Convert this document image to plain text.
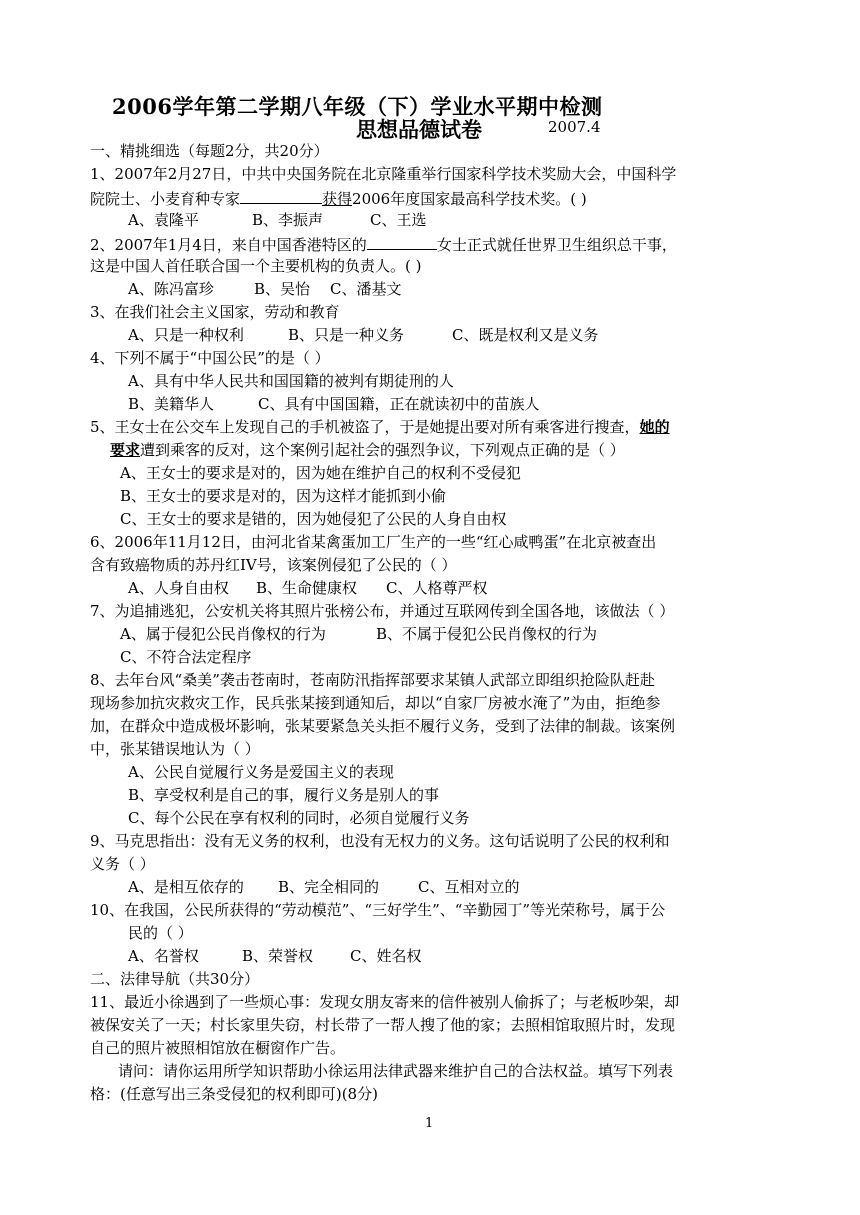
2006学年第二学期八年级（下）学业水平期中检测
思想品德试卷	2007.4
一、精挑细选（每题2分，共20分）
1、2007年2月27日，中共中央国务院在北京隆重举行国家科学技术奖励大会，中国科学
院院士、小麦育种专家	获得2006年度国家最高科学技术奖。( )
A、袁隆平	B、李振声	C、王选
2、2007年1月4日，来自中国香港特区的	女士正式就任世界卫生组织总干事，
这是中国人首任联合国一个主要机构的负责人。( )
A、陈冯富珍	B、吴怡 C、潘基文
3、在我们社会主义国家，劳动和教育
A、只是一种权利	B、只是一种义务	C、既是权利又是义务
4、下列不属于“中国公民”的是（ ）
A、具有中华人民共和国国籍的被判有期徒刑的人
B、美籍华人	C、具有中国国籍，正在就读初中的苗族人
5、王女士在公交车上发现自己的手机被盗了，于是她提出要对所有乘客进行搜查，她的
要求遭到乘客的反对，这个案例引起社会的强烈争议，下列观点正确的是（ ）
A、王女士的要求是对的，因为她在维护自己的权利不受侵犯
B、王女士的要求是对的，因为这样才能抓到小偷
C、王女士的要求是错的，因为她侵犯了公民的人身自由权
6、2006年11月12日，由河北省某禽蛋加工厂生产的一些“红心咸鸭蛋”在北京被查出
含有致癌物质的苏丹红IV号，该案例侵犯了公民的（ ）
A、人身自由权 B、生命健康权 C、人格尊严权
7、为追捕逃犯，公安机关将其照片张榜公布，并通过互联网传到全国各地，该做法（ ）
A、属于侵犯公民肖像权的行为	B、不属于侵犯公民肖像权的行为
C、不符合法定程序
8、去年台风“桑美”袭击苍南时，苍南防汛指挥部要求某镇人武部立即组织抢险队赶赴
现场参加抗灾救灾工作，民兵张某接到通知后，却以“自家厂房被水淹了”为由，拒绝参
加，在群众中造成极坏影响，张某要紧急关头拒不履行义务，受到了法律的制裁。该案例
中，张某错误地认为（ ）
A、公民自觉履行义务是爱国主义的表现
B、享受权利是自己的事，履行义务是别人的事
C、每个公民在享有权利的同时，必须自觉履行义务
9、马克思指出：没有无义务的权利，也没有无权力的义务。这句话说明了公民的权利和
义务（ ）
A、是相互依存的 B、完全相同的	C、互相对立的
10、在我国，公民所获得的“劳动模范”、“三好学生”、“辛勤园丁”等光荣称号，属于公
民的（ ）
A、名誉权	B、荣誉权 C、姓名权
二、法律导航（共30分）
11、最近小徐遇到了一些烦心事：发现女朋友寄来的信件被别人偷拆了；与老板吵架，却
被保安关了一天；村长家里失窃，村长带了一帮人搜了他的家；去照相馆取照片时，发现
自己的照片被照相馆放在橱窗作广告。
请问：请你运用所学知识帮助小徐运用法律武器来维护自己的合法权益。填写下列表
格：(任意写出三条受侵犯的权利即可)(8分)
1
